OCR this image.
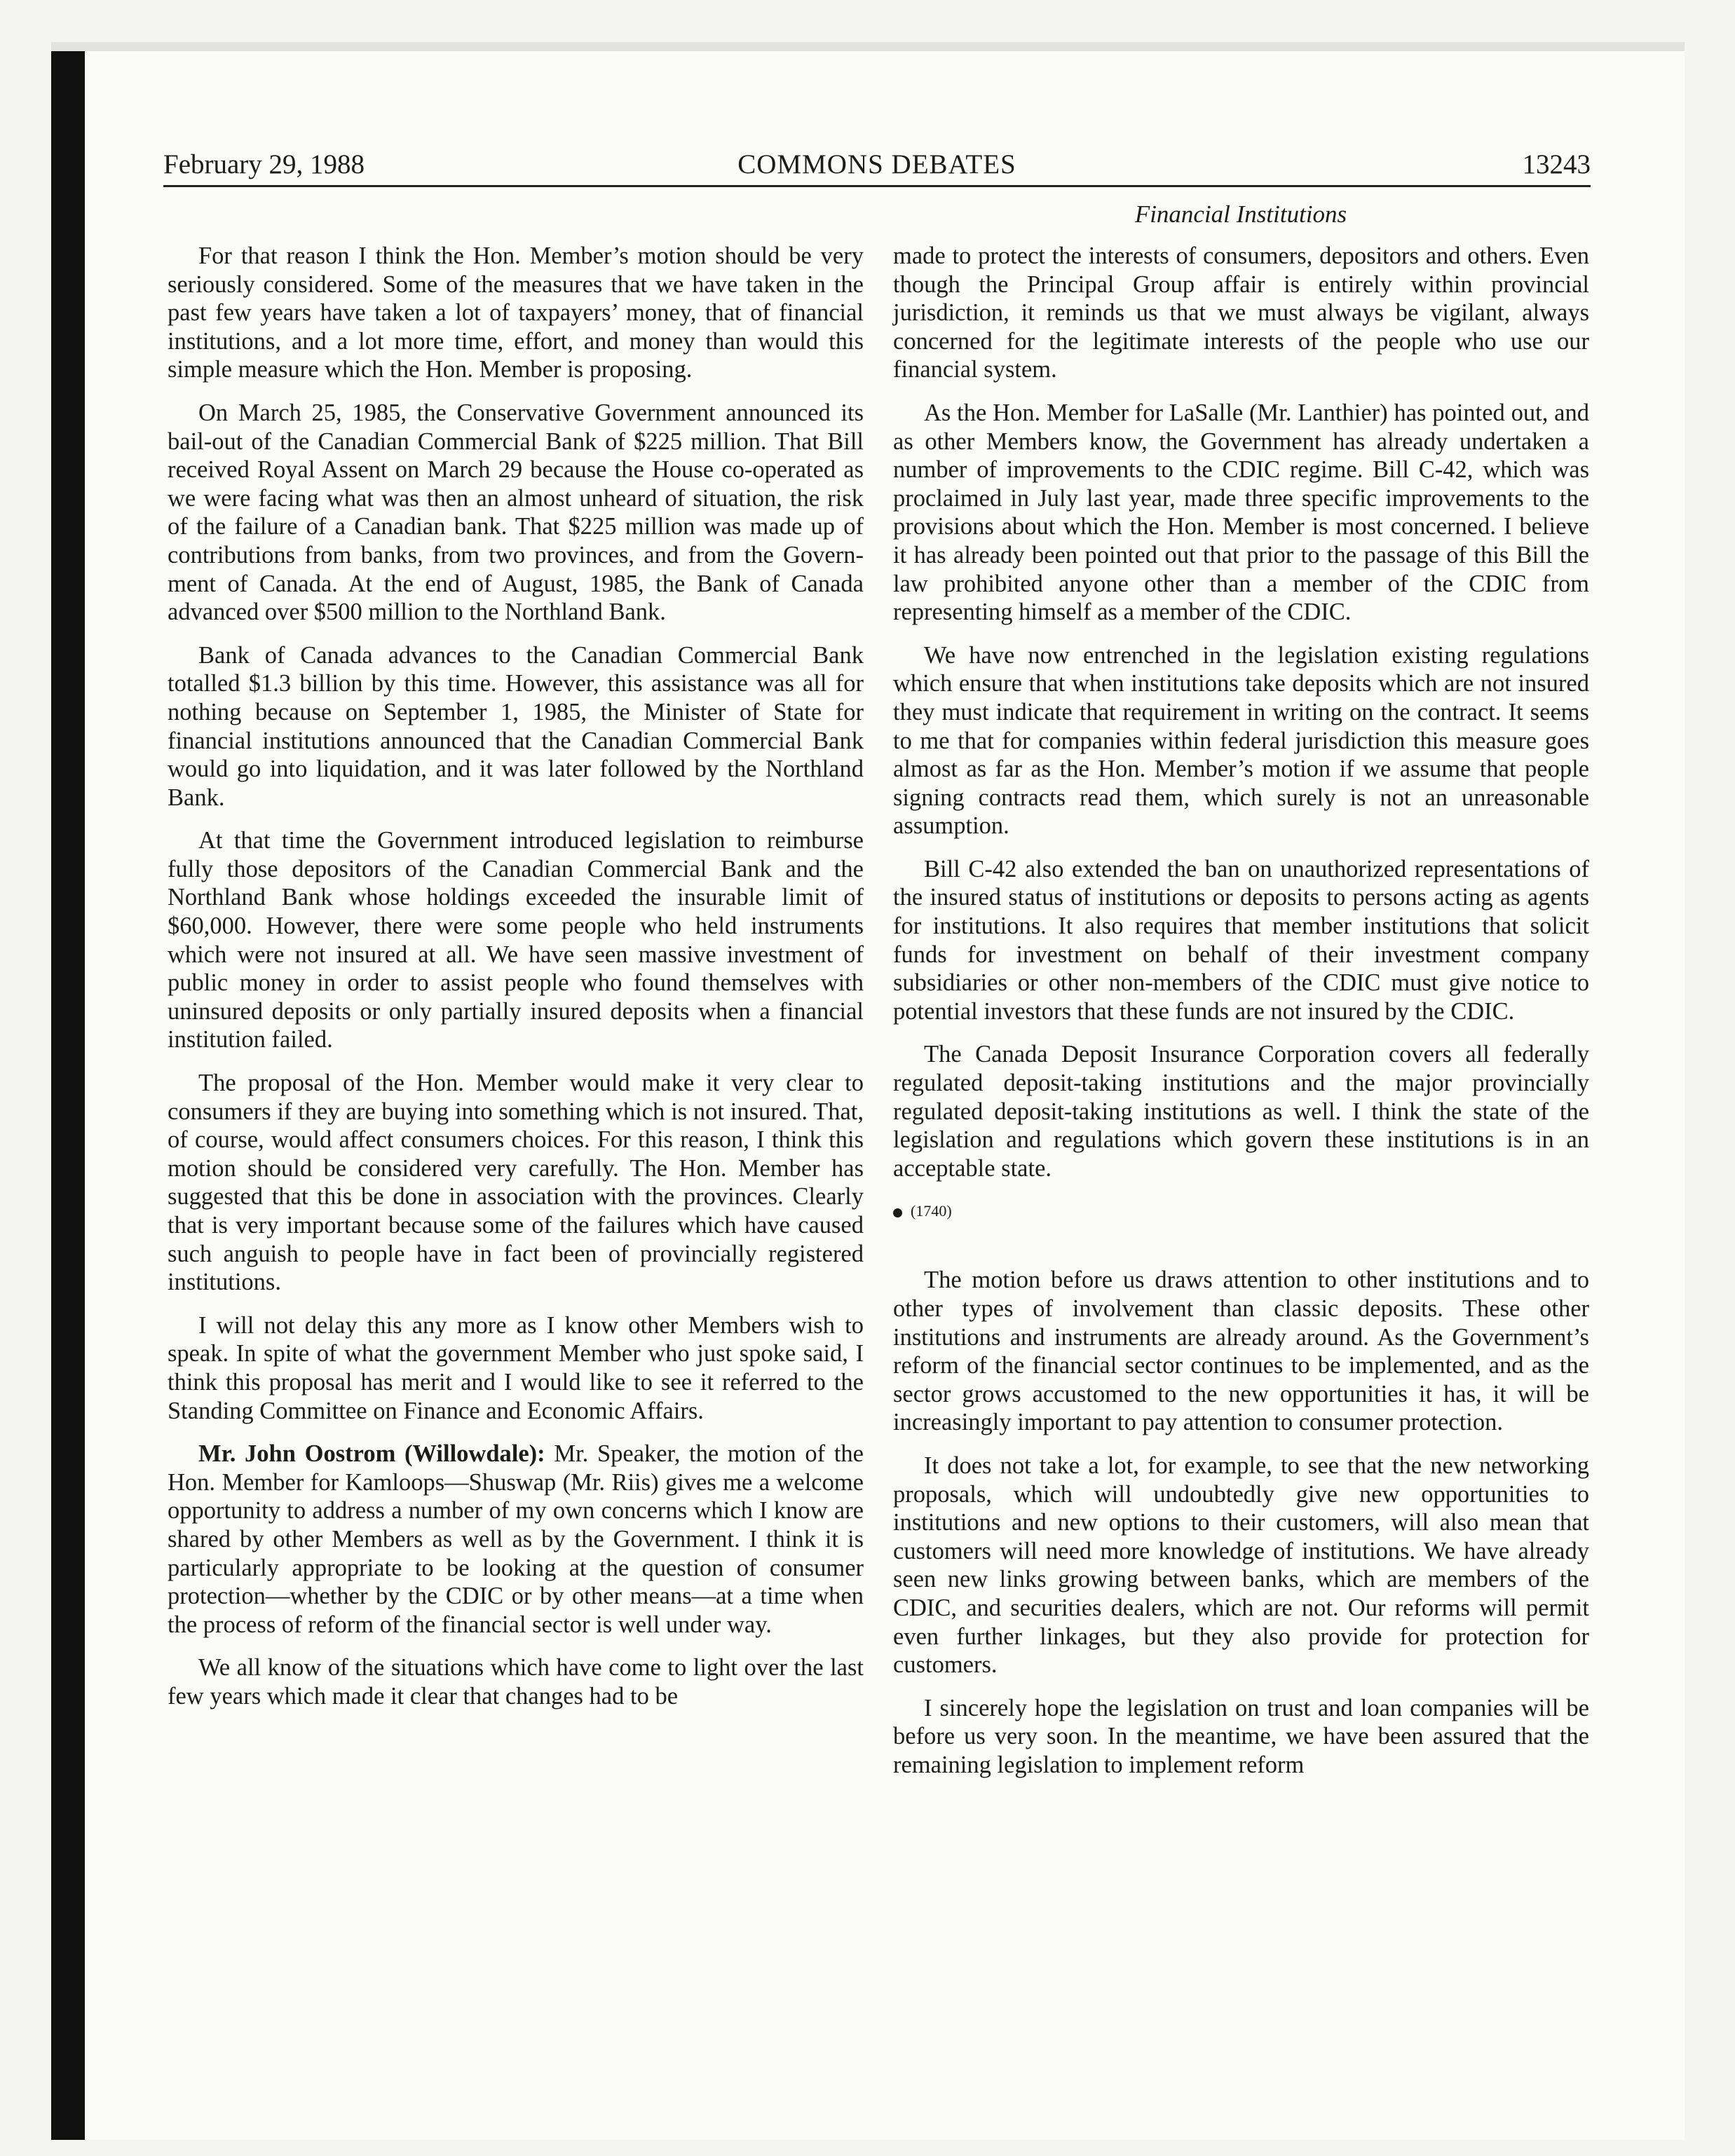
February 29, 1988	COMMONS DEBATES	13243
Financial Institutions

For that reason I think the Hon. Member’s motion should be very seriously considered. Some of the measures that we have taken in the past few years have taken a lot of taxpayers’ money, that of financial institutions, and a lot more time, effort, and money than would this simple measure which the Hon. Member is proposing.

On March 25, 1985, the Conservative Government announced its bail-out of the Canadian Commercial Bank of $225 million. That Bill received Royal Assent on March 29 because the House co-operated as we were facing what was then an almost unheard of situation, the risk of the failure of a Canadian bank. That $225 million was made up of contributions from banks, from two provinces, and from the Government of Canada. At the end of August, 1985, the Bank of Canada advanced over $500 million to the Northland Bank.

Bank of Canada advances to the Canadian Commercial Bank totalled $1.3 billion by this time. However, this assistance was all for nothing because on September 1, 1985, the Minister of State for financial institutions announced that the Canadian Commercial Bank would go into liquidation, and it was later followed by the Northland Bank.

At that time the Government introduced legislation to reimburse fully those depositors of the Canadian Commercial Bank and the Northland Bank whose holdings exceeded the insurable limit of $60,000. However, there were some people who held instruments which were not insured at all. We have seen massive investment of public money in order to assist people who found themselves with uninsured deposits or only partially insured deposits when a financial institution failed.

The proposal of the Hon. Member would make it very clear to consumers if they are buying into something which is not insured. That, of course, would affect consumers choices. For this reason, I think this motion should be considered very carefully. The Hon. Member has suggested that this be done in association with the provinces. Clearly that is very important because some of the failures which have caused such anguish to people have in fact been of provincially registered institutions.

I will not delay this any more as I know other Members wish to speak. In spite of what the government Member who just spoke said, I think this proposal has merit and I would like to see it referred to the Standing Committee on Finance and Economic Affairs.

Mr. John Oostrom (Willowdale): Mr. Speaker, the motion of the Hon. Member for Kamloops—Shuswap (Mr. Riis) gives me a welcome opportunity to address a number of my own concerns which I know are shared by other Members as well as by the Government. I think it is particularly appropriate to be looking at the question of consumer protection—whether by the CDIC or by other means—at a time when the process of reform of the financial sector is well under way.

We all know of the situations which have come to light over the last few years which made it clear that changes had to be

made to protect the interests of consumers, depositors and others. Even though the Principal Group affair is entirely within provincial jurisdiction, it reminds us that we must always be vigilant, always concerned for the legitimate interests of the people who use our financial system.

As the Hon. Member for LaSalle (Mr. Lanthier) has pointed out, and as other Members know, the Government has already undertaken a number of improvements to the CDIC regime. Bill C-42, which was proclaimed in July last year, made three specific improvements to the provisions about which the Hon. Member is most concerned. I believe it has already been pointed out that prior to the passage of this Bill the law prohibited anyone other than a member of the CDIC from representing himself as a member of the CDIC.

We have now entrenched in the legislation existing regulations which ensure that when institutions take deposits which are not insured they must indicate that requirement in writing on the contract. It seems to me that for companies within federal jurisdiction this measure goes almost as far as the Hon. Member’s motion if we assume that people signing contracts read them, which surely is not an unreasonable assumption.

Bill C-42 also extended the ban on unauthorized representations of the insured status of institutions or deposits to persons acting as agents for institutions. It also requires that member institutions that solicit funds for investment on behalf of their investment company subsidiaries or other non-members of the CDIC must give notice to potential investors that these funds are not insured by the CDIC.

The Canada Deposit Insurance Corporation covers all federally regulated deposit-taking institutions and the major provincially regulated deposit-taking institutions as well. I think the state of the legislation and regulations which govern these institutions is in an acceptable state.

(1740)

The motion before us draws attention to other institutions and to other types of involvement than classic deposits. These other institutions and instruments are already around. As the Government’s reform of the financial sector continues to be implemented, and as the sector grows accustomed to the new opportunities it has, it will be increasingly important to pay attention to consumer protection.

It does not take a lot, for example, to see that the new networking proposals, which will undoubtedly give new opportunities to institutions and new options to their customers, will also mean that customers will need more knowledge of institutions. We have already seen new links growing between banks, which are members of the CDIC, and securities dealers, which are not. Our reforms will permit even further linkages, but they also provide for protection for customers.

I sincerely hope the legislation on trust and loan companies will be before us very soon. In the meantime, we have been assured that the remaining legislation to implement reform
